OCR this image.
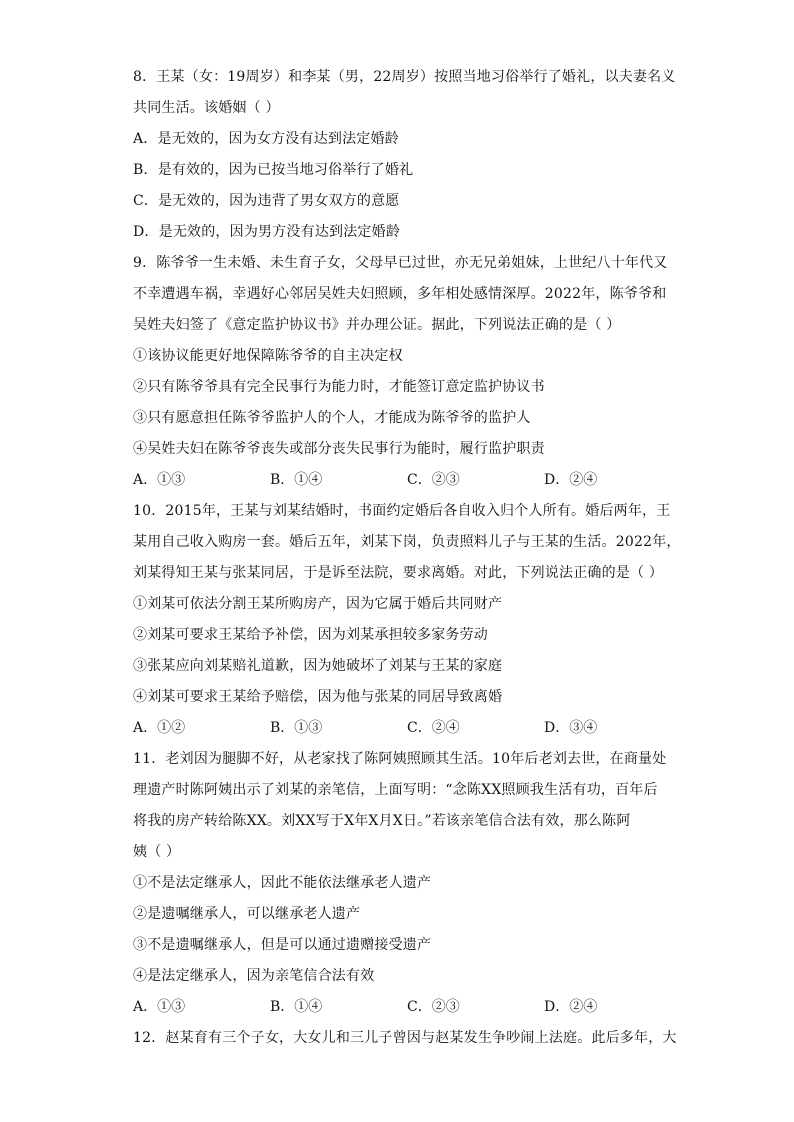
8．王某（女：19周岁）和李某（男，22周岁）按照当地习俗举行了婚礼，以夫妻名义
共同生活。该婚姻（ ）
A．是无效的，因为女方没有达到法定婚龄
B．是有效的，因为已按当地习俗举行了婚礼
C．是无效的，因为违背了男女双方的意愿
D．是无效的，因为男方没有达到法定婚龄
9．陈爷爷一生未婚、未生育子女，父母早已过世，亦无兄弟姐妹，上世纪八十年代又
不幸遭遇车祸，幸遇好心邻居吴姓夫妇照顾，多年相处感情深厚。2022年，陈爷爷和
吴姓夫妇签了《意定监护协议书》并办理公证。据此，下列说法正确的是（ ）
①该协议能更好地保障陈爷爷的自主决定权
②只有陈爷爷具有完全民事行为能力时，才能签订意定监护协议书
③只有愿意担任陈爷爷监护人的个人，才能成为陈爷爷的监护人
④吴姓夫妇在陈爷爷丧失或部分丧失民事行为能时，履行监护职责
A．①③	B．①④	C．②③	D．②④
10．2015年，王某与刘某结婚时，书面约定婚后各自收入归个人所有。婚后两年，王
某用自己收入购房一套。婚后五年，刘某下岗，负责照料儿子与王某的生活。2022年，
刘某得知王某与张某同居，于是诉至法院，要求离婚。对此，下列说法正确的是（ ）
①刘某可依法分割王某所购房产，因为它属于婚后共同财产
②刘某可要求王某给予补偿，因为刘某承担较多家务劳动
③张某应向刘某赔礼道歉，因为她破坏了刘某与王某的家庭
④刘某可要求王某给予赔偿，因为他与张某的同居导致离婚
A．①②	B．①③	C．②④	D．③④
11．老刘因为腿脚不好，从老家找了陈阿姨照顾其生活。10年后老刘去世，在商量处
理遗产时陈阿姨出示了刘某的亲笔信，上面写明：“念陈XX照顾我生活有功，百年后
将我的房产转给陈XX。刘XX写于X年X月X日。”若该亲笔信合法有效，那么陈阿
姨（ ）
①不是法定继承人，因此不能依法继承老人遗产
②是遗嘱继承人，可以继承老人遗产
③不是遗嘱继承人，但是可以通过遗赠接受遗产
④是法定继承人，因为亲笔信合法有效
A．①③	B．①④	C．②③	D．②④
12．赵某育有三个子女，大女儿和三儿子曾因与赵某发生争吵闹上法庭。此后多年，大
